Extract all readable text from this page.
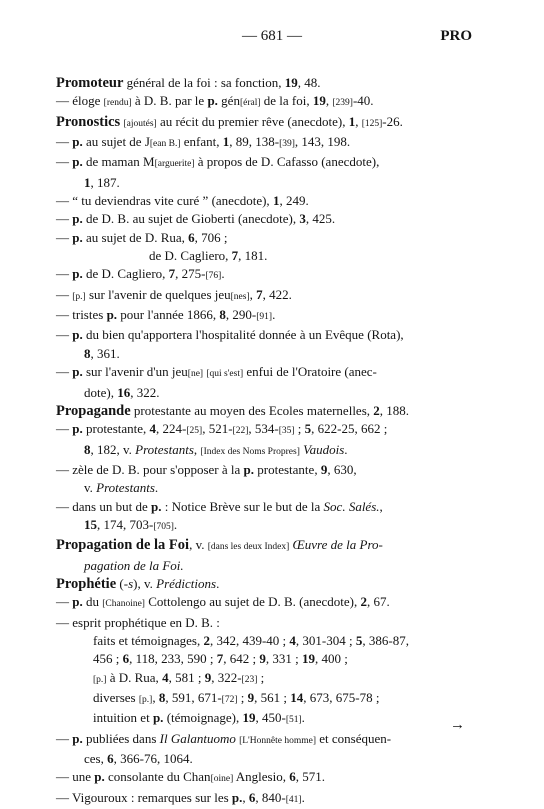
— 681 —	PRO
Promoteur général de la foi : sa fonction, 19, 48.
— éloge [rendu] à D. B. par le p. gén[éral] de la foi, 19, [239]-40.
Pronostics [ajoutés] au récit du premier rêve (anecdote), 1, [125]-26.
— p. au sujet de J[ean B.] enfant, 1, 89, 138-[39], 143, 198.
— p. de maman M[arguerite] à propos de D. Cafasso (anecdote),
1, 187.
— “ tu deviendras vite curé ” (anecdote), 1, 249.
— p. de D. B. au sujet de Gioberti (anecdote), 3, 425.
— p. au sujet de D. Rua, 6, 706 ;
de D. Cagliero, 7, 181.
— p. de D. Cagliero, 7, 275-[76].
— [p.] sur l'avenir de quelques jeu[nes], 7, 422.
— tristes p. pour l'année 1866, 8, 290-[91].
— p. du bien qu'apportera l'hospitalité donnée à un Evêque (Rota),
8, 361.
— p. sur l'avenir d'un jeu[ne] [qui s'est] enfui de l'Oratoire (anec-
dote), 16, 322.
Propagande protestante au moyen des Ecoles maternelles, 2, 188.
— p. protestante, 4, 224-[25], 521-[22], 534-[35] ; 5, 622-25, 662 ;
8, 182, v. Protestants, [Index des Noms Propres] Vaudois.
— zèle de D. B. pour s'opposer à la p. protestante, 9, 630,
v. Protestants.
— dans un but de p. : Notice Brève sur le but de la Soc. Salés.,
15, 174, 703-[705].
Propagation de la Foi, v. [dans les deux Index] Œuvre de la Pro-
pagation de la Foi.
Prophétie (-s), v. Prédictions.
— p. du [Chanoine] Cottolengo au sujet de D. B. (anecdote), 2, 67.
— esprit prophétique en D. B. :
faits et témoignages, 2, 342, 439-40 ; 4, 301-304 ; 5, 386-87,
456 ; 6, 118, 233, 590 ; 7, 642 ; 9, 331 ; 19, 400 ;
[p.] à D. Rua, 4, 581 ; 9, 322-[23] ;
diverses [p.], 8, 591, 671-[72] ; 9, 561 ; 14, 673, 675-78 ;
intuition et p. (témoignage), 19, 450-[51].
— p. publiées dans Il Galantuomo [L'Honnête homme] et conséquen-
ces, 6, 366-76, 1064.
— une p. consolante du Chan[oine] Anglesio, 6, 571.
— Vigouroux : remarques sur les p., 6, 840-[41].
→
